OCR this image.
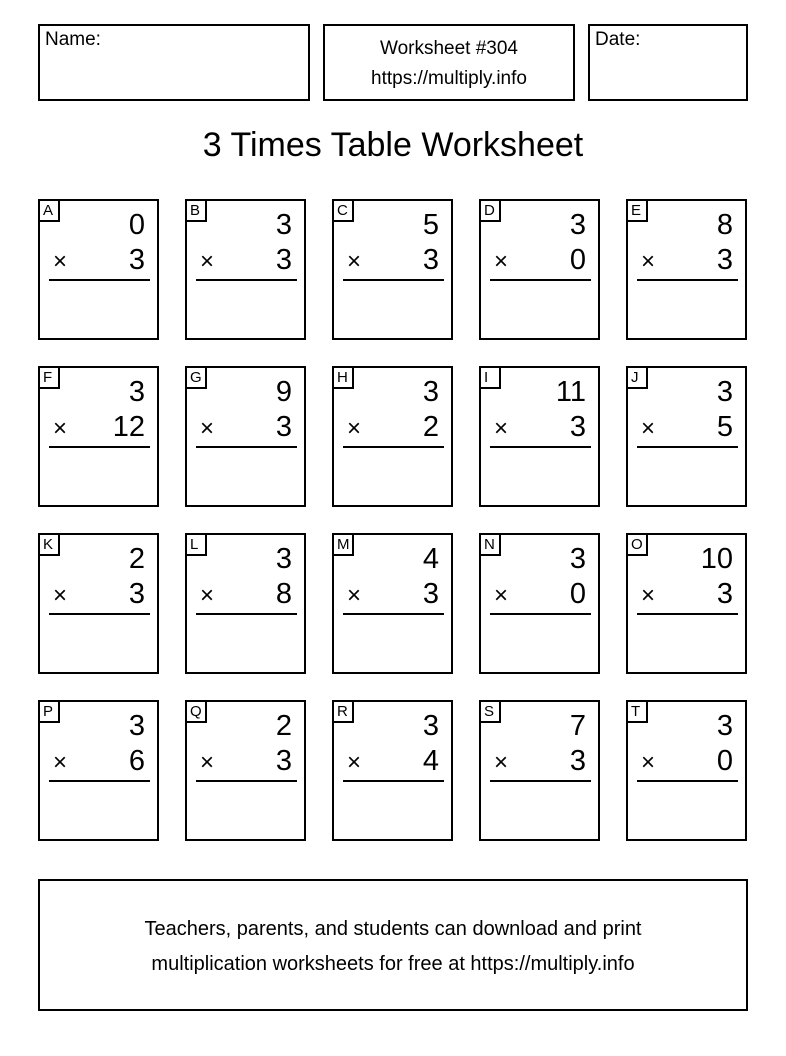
Name:	Worksheet #304
https://multiply.info
Date:
3 Times Table Worksheet
A	0
× 3
B	3
× 3
C	5
× 3
D	3
× 0
E	8
× 3
F	3
× 12
G	9
× 3
H	3
× 2
I	11
× 3
J	3
× 5
K	2
× 3
L	3
× 8
M	4
× 3
N	3
× 0
O 10
× 3
P	3
× 6
Q	2
× 3
R	3
× 4
S	7
× 3
T	3
× 0
Teachers, parents, and students can download and print
multiplication worksheets for free at https://multiply.info
